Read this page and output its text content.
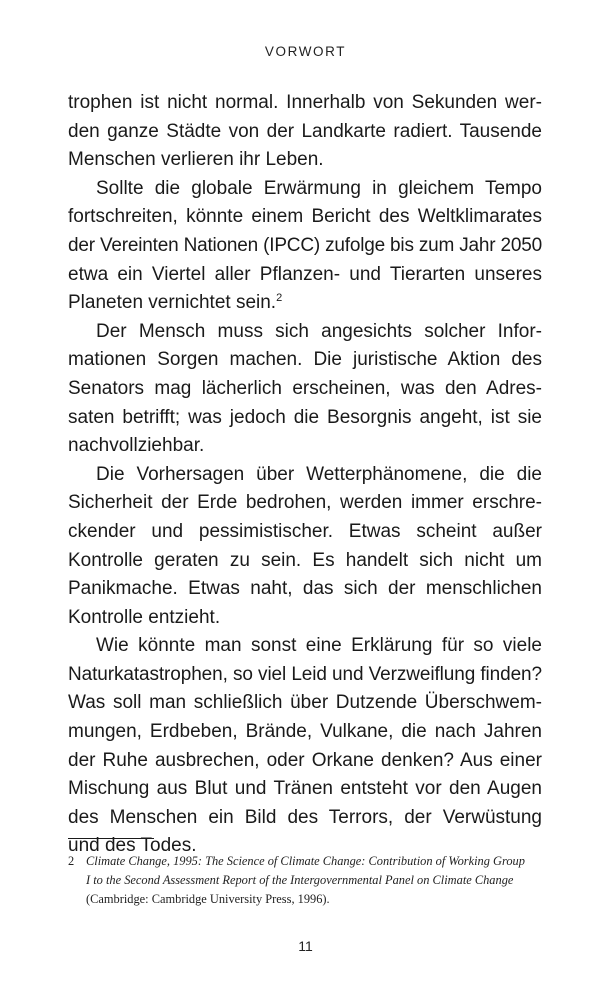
VORWORT
trophen ist nicht normal. Innerhalb von Sekunden wer-
den ganze Städte von der Landkarte radiert. Tausende
Menschen verlieren ihr Leben.
Sollte die globale Erwärmung in gleichem Tempo
fortschreiten, könnte einem Bericht des Weltklimarates
der Vereinten Nationen (IPCC) zufolge bis zum Jahr 2050
etwa ein Viertel aller Pflanzen- und Tierarten unseres
Planeten vernichtet sein.$^2$
Der Mensch muss sich angesichts solcher Infor-
mationen Sorgen machen. Die juristische Aktion des
Senators mag lächerlich erscheinen, was den Adres-
saten betrifft; was jedoch die Besorgnis angeht, ist sie
nachvollziehbar.
Die Vorhersagen über Wetterphänomene, die die
Sicherheit der Erde bedrohen, werden immer erschre-
ckender und pessimistischer. Etwas scheint außer
Kontrolle geraten zu sein. Es handelt sich nicht um
Panikmache. Etwas naht, das sich der menschlichen
Kontrolle entzieht.
Wie könnte man sonst eine Erklärung für so viele
Naturkatastrophen, so viel Leid und Verzweiflung finden?
Was soll man schließlich über Dutzende Überschwem-
mungen, Erdbeben, Brände, Vulkane, die nach Jahren
der Ruhe ausbrechen, oder Orkane denken? Aus einer
Mischung aus Blut und Tränen entsteht vor den Augen
des Menschen ein Bild des Terrors, der Verwüstung
und des Todes.
2 Climate Change, 1995: The Science of Climate Change: Contribution of Working Group
I to the Second Assessment Report of the Intergovernmental Panel on Climate Change
(Cambridge: Cambridge University Press, 1996).
11
